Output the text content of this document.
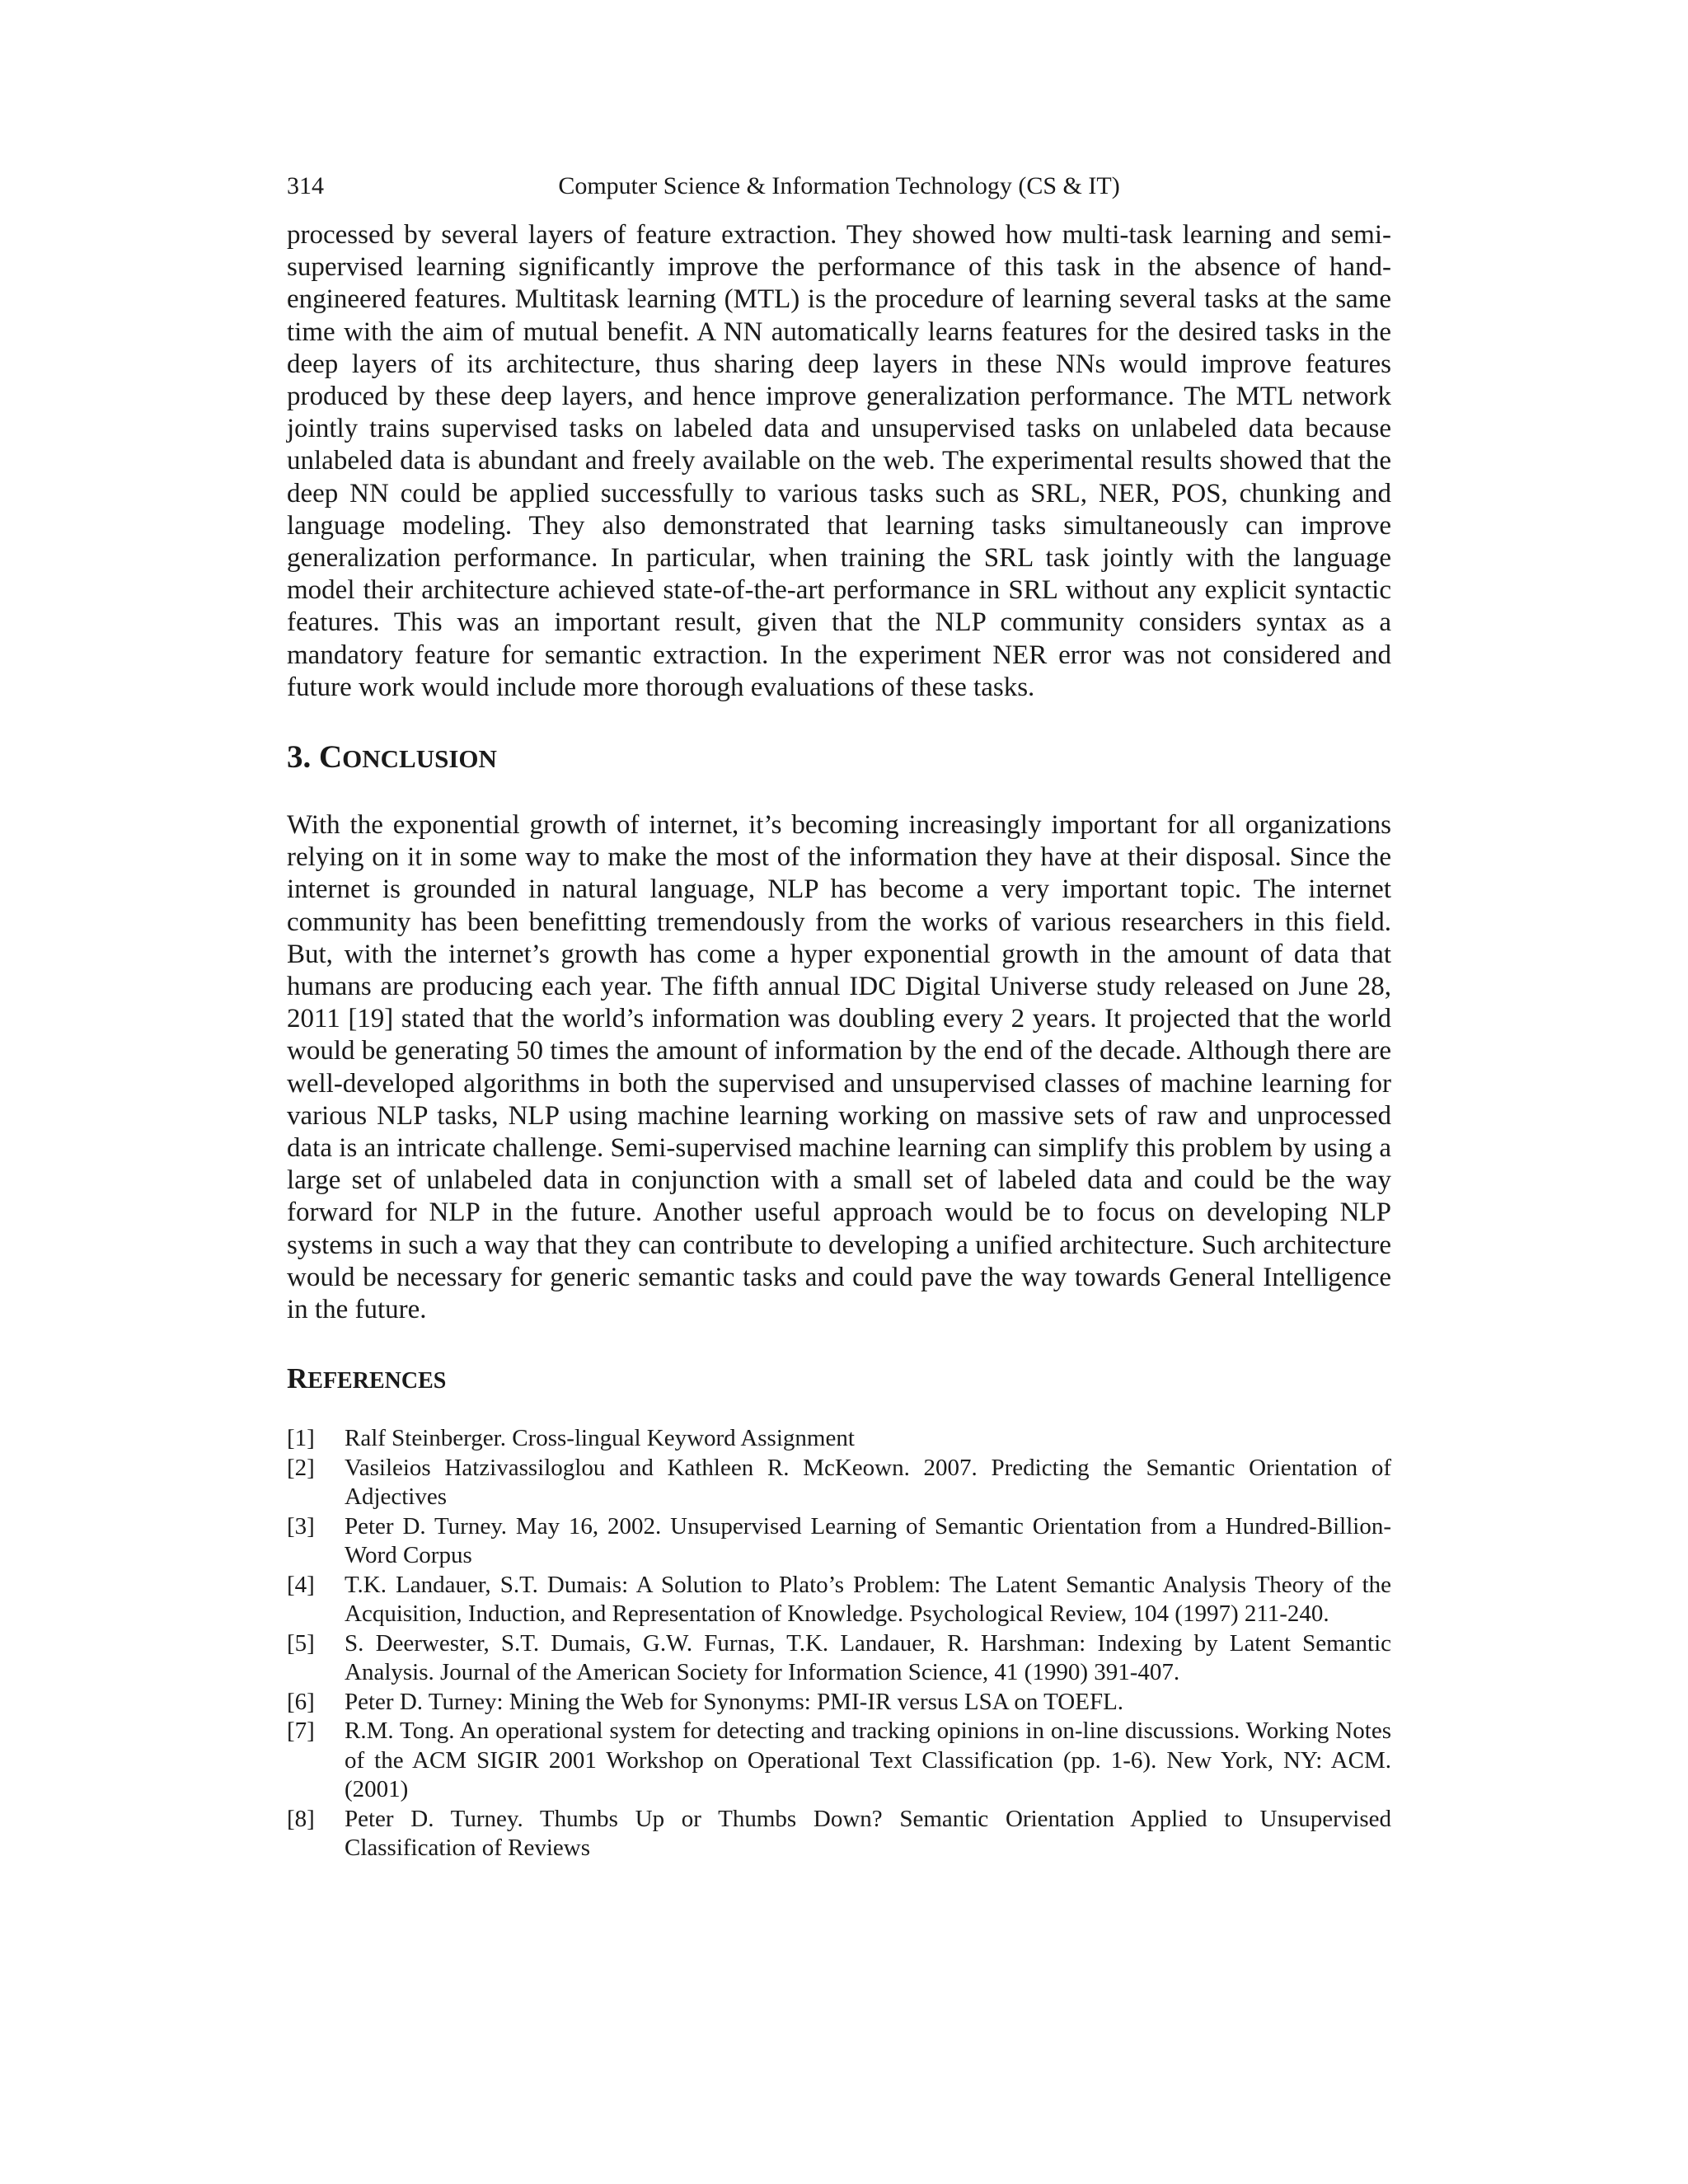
314	Computer Science & Information Technology (CS & IT)

processed by several layers of feature extraction. They showed how multi-task learning and semi-supervised learning significantly improve the performance of this task in the absence of hand-engineered features. Multitask learning (MTL) is the procedure of learning several tasks at the same time with the aim of mutual benefit. A NN automatically learns features for the desired tasks in the deep layers of its architecture, thus sharing deep layers in these NNs would improve features produced by these deep layers, and hence improve generalization performance. The MTL network jointly trains supervised tasks on labeled data and unsupervised tasks on unlabeled data because unlabeled data is abundant and freely available on the web. The experimental results showed that the deep NN could be applied successfully to various tasks such as SRL, NER, POS, chunking and language modeling. They also demonstrated that learning tasks simultaneously can improve generalization performance. In particular, when training the SRL task jointly with the language model their architecture achieved state-of-the-art performance in SRL without any explicit syntactic features. This was an important result, given that the NLP community considers syntax as a mandatory feature for semantic extraction. In the experiment NER error was not considered and future work would include more thorough evaluations of these tasks.

3. CONCLUSION

With the exponential growth of internet, it’s becoming increasingly important for all organizations relying on it in some way to make the most of the information they have at their disposal. Since the internet is grounded in natural language, NLP has become a very important topic. The internet community has been benefitting tremendously from the works of various researchers in this field. But, with the internet’s growth has come a hyper exponential growth in the amount of data that humans are producing each year. The fifth annual IDC Digital Universe study released on June 28, 2011 [19] stated that the world’s information was doubling every 2 years. It projected that the world would be generating 50 times the amount of information by the end of the decade. Although there are well-developed algorithms in both the supervised and unsupervised classes of machine learning for various NLP tasks, NLP using machine learning working on massive sets of raw and unprocessed data is an intricate challenge. Semi-supervised machine learning can simplify this problem by using a large set of unlabeled data in conjunction with a small set of labeled data and could be the way forward for NLP in the future. Another useful approach would be to focus on developing NLP systems in such a way that they can contribute to developing a unified architecture. Such architecture would be necessary for generic semantic tasks and could pave the way towards General Intelligence in the future.

REFERENCES
[1] Ralf Steinberger. Cross-lingual Keyword Assignment
[2] Vasileios Hatzivassiloglou and Kathleen R. McKeown. 2007. Predicting the Semantic Orientation of Adjectives
[3] Peter D. Turney. May 16, 2002. Unsupervised Learning of Semantic Orientation from a Hundred-Billion-Word Corpus
[4] T.K. Landauer, S.T. Dumais: A Solution to Plato’s Problem: The Latent Semantic Analysis Theory of the Acquisition, Induction, and Representation of Knowledge. Psychological Review, 104 (1997) 211-240.
[5] S. Deerwester, S.T. Dumais, G.W. Furnas, T.K. Landauer, R. Harshman: Indexing by Latent Semantic Analysis. Journal of the American Society for Information Science, 41 (1990) 391-407.
[6] Peter D. Turney: Mining the Web for Synonyms: PMI-IR versus LSA on TOEFL.
[7] R.M. Tong. An operational system for detecting and tracking opinions in on-line discussions. Working Notes of the ACM SIGIR 2001 Workshop on Operational Text Classification (pp. 1-6). New York, NY: ACM. (2001)
[8] Peter D. Turney. Thumbs Up or Thumbs Down? Semantic Orientation Applied to Unsupervised Classification of Reviews
